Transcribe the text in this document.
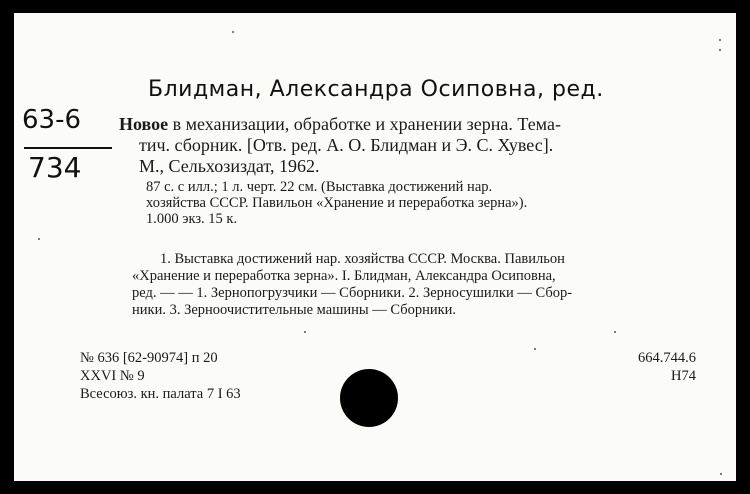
Блидман, Александра Осиповна, ред.
63-6
734
Новое в механизации, обработке и хранении зерна. Тема-
тич. сборник. [Отв. ред. А. О. Блидман и Э. С. Хувес].
М., Сельхозиздат, 1962.
87 с. с илл.; 1 л. черт. 22 см. (Выставка достижений нар.
хозяйства СССР. Павильон «Хранение и переработка зерна»).
1.000 экз. 15 к.
1. Выставка достижений нар. хозяйства СССР. Москва. Павильон
«Хранение и переработка зерна». I. Блидман, Александра Осиповна,
ред. — — 1. Зернопогрузчики — Сборники. 2. Зерносушилки — Сбор-
ники. 3. Зерноочистительные машины — Сборники.
№ 636 [62-90974] п 20
XXVI № 9
Всесоюз. кн. палата 7 I 63
664.744.6
Н74
